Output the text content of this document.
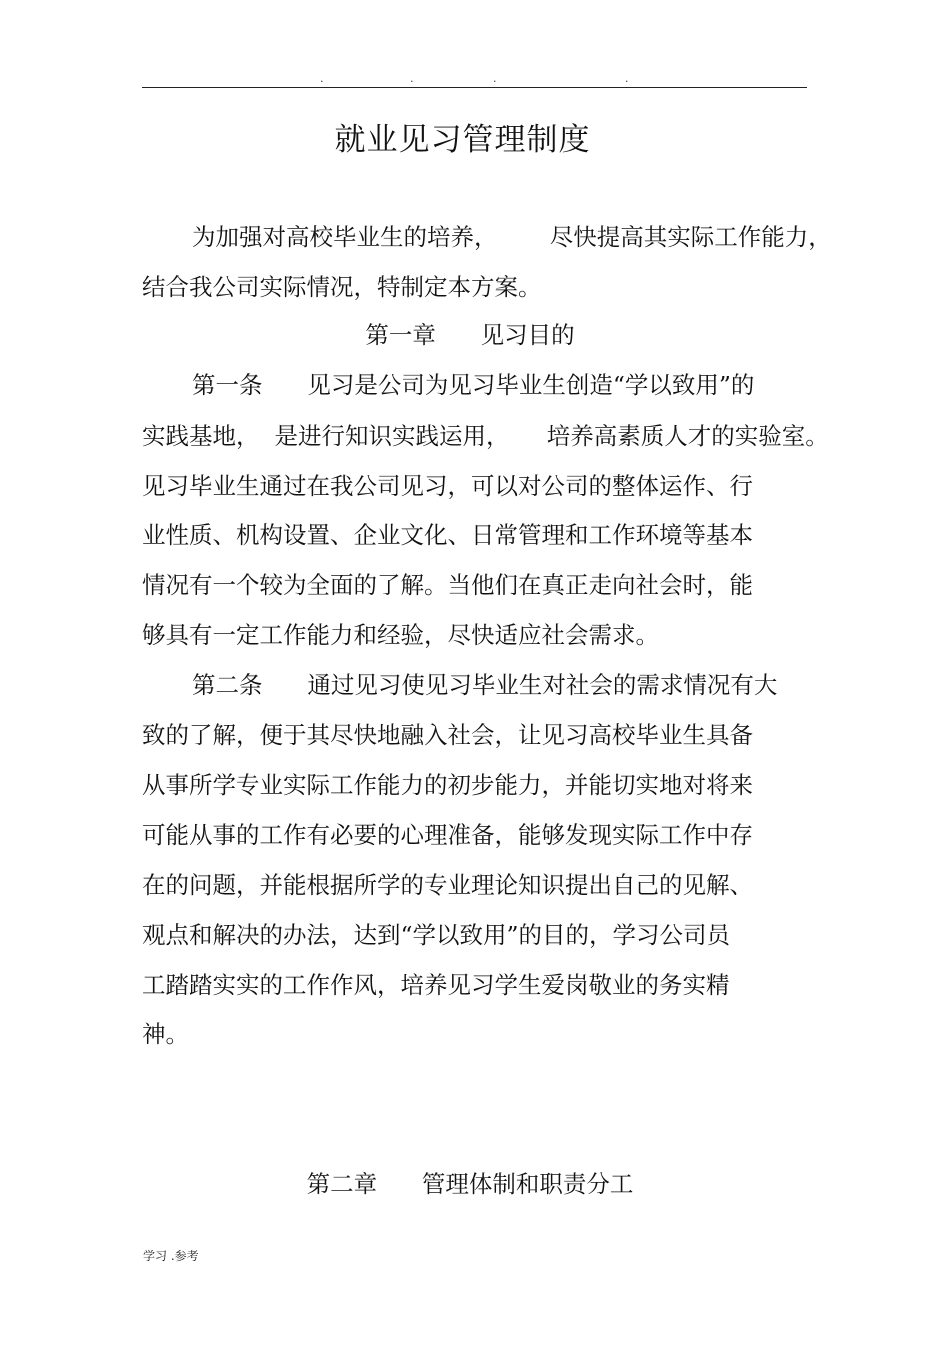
.	.	.	.
就业见习管理制度
为加强对高校毕业生的培养，       尽快提高其实际工作能力，
结合我公司实际情况，特制定本方案。
第一章      见习目的
第一条      见习是公司为见习毕业生创造“学以致用”的
实践基地，  是进行知识实践运用，     培养高素质人才的实验室。
见习毕业生通过在我公司见习，可以对公司的整体运作、行
业性质、机构设置、企业文化、日常管理和工作环境等基本
情况有一个较为全面的了解。当他们在真正走向社会时，能
够具有一定工作能力和经验，尽快适应社会需求。
第二条      通过见习使见习毕业生对社会的需求情况有大
致的了解，便于其尽快地融入社会，让见习高校毕业生具备
从事所学专业实际工作能力的初步能力，并能切实地对将来
可能从事的工作有必要的心理准备，能够发现实际工作中存
在的问题，并能根据所学的专业理论知识提出自己的见解、
观点和解决的办法，达到“学以致用”的目的，学习公司员
工踏踏实实的工作作风，培养见习学生爱岗敬业的务实精
神。
第二章      管理体制和职责分工
学习 .参考
